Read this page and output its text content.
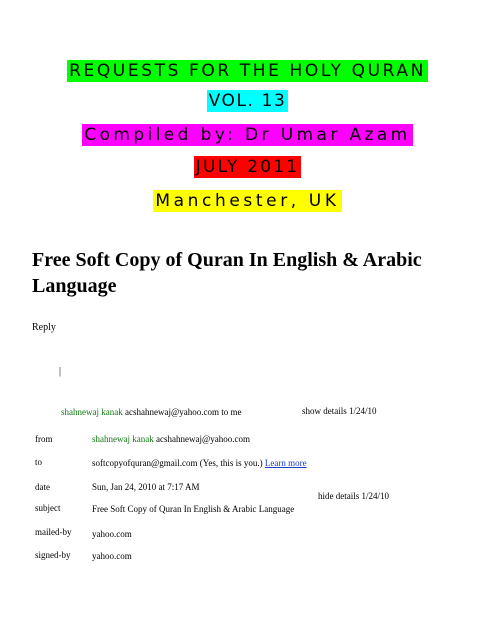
REQUESTS FOR THE HOLY QURAN
VOL. 13
Compiled by: Dr Umar Azam
JULY 2011
Manchester, UK
Free Soft Copy of Quran In English & Arabic Language
Reply
|
shahnewaj kanak acshahnewaj@yahoo.com to me	show details 1/24/10
from	shahnewaj kanak acshahnewaj@yahoo.com
to	softcopyofquran@gmail.com (Yes, this is you.) Learn more
date	Sun, Jan 24, 2010 at 7:17 AM
hide details 1/24/10
subject	Free Soft Copy of Quran In English & Arabic Language
mailed-by yahoo.com
signed-by yahoo.com
